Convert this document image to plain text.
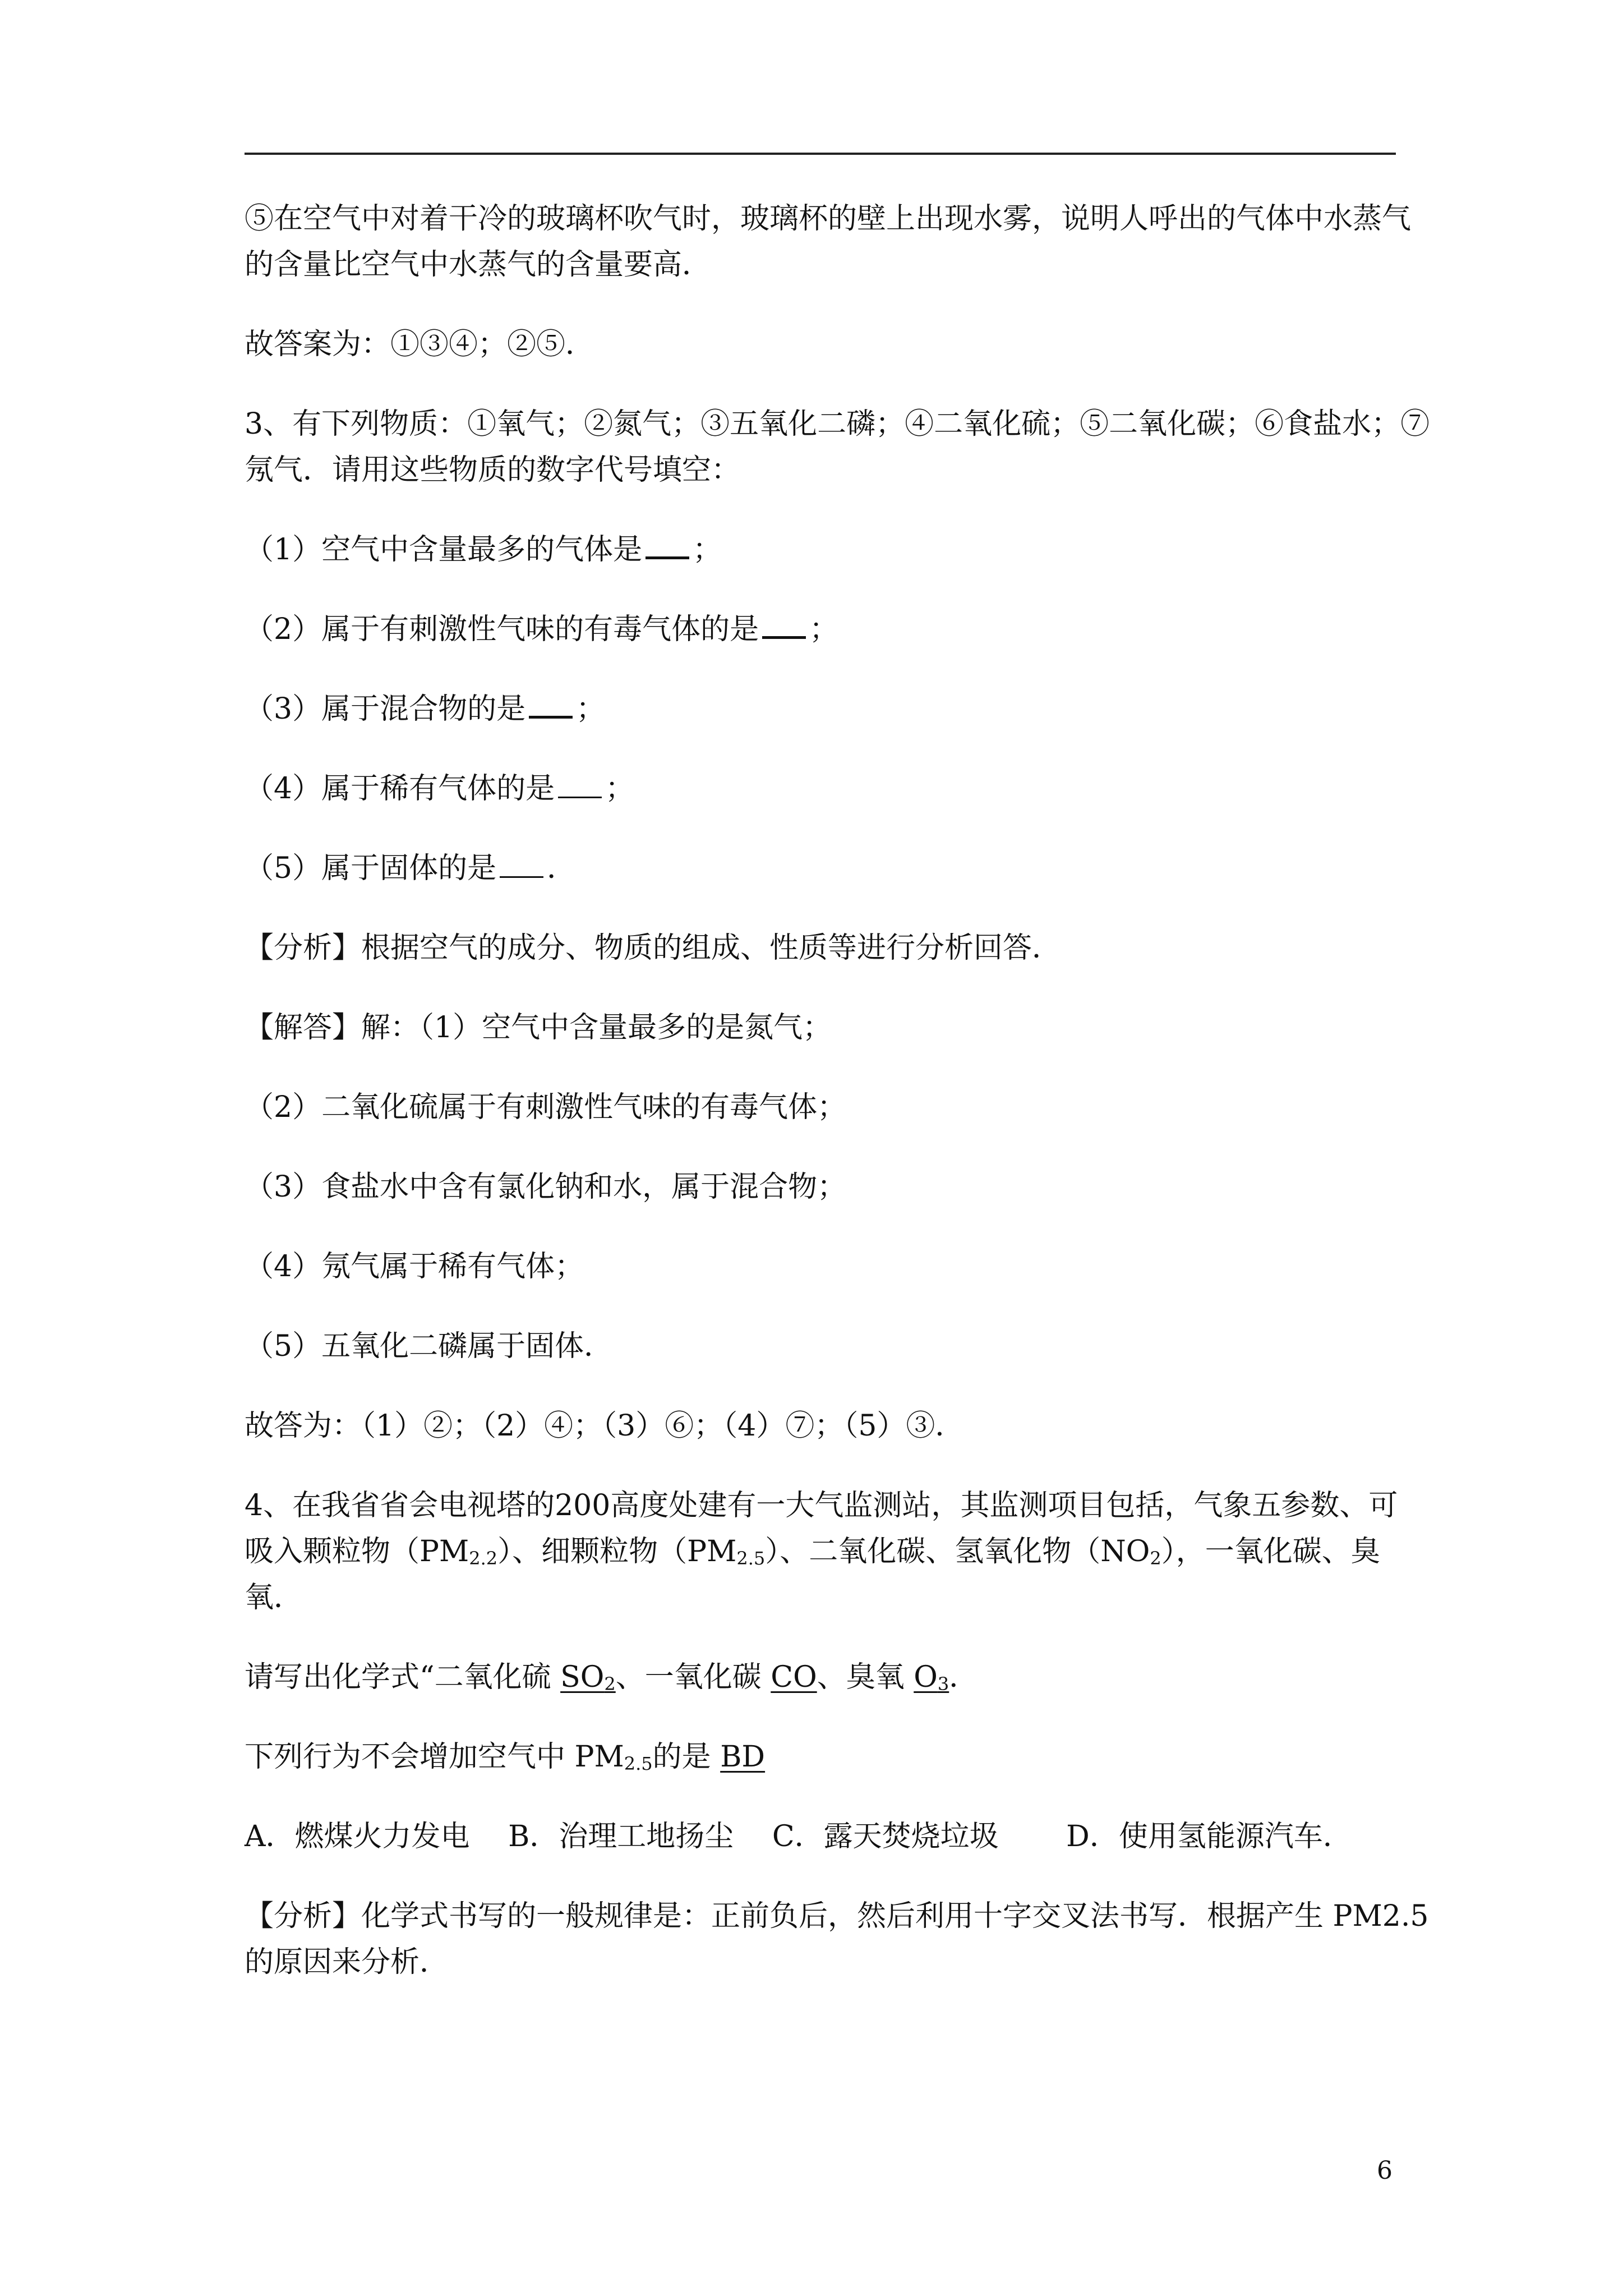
⑤在空气中对着干冷的玻璃杯吹气时，玻璃杯的壁上出现水雾，说明人呼出的气体中水蒸气
的含量比空气中水蒸气的含量要高．
故答案为：①③④；②⑤．
3、有下列物质：①氧气；②氮气；③五氧化二磷；④二氧化硫；⑤二氧化碳；⑥食盐水；⑦
氖气．请用这些物质的数字代号填空：
（1）空气中含量最多的气体是 ；
（2）属于有刺激性气味的有毒气体的是 ；
（3）属于混合物的是 ；
（4）属于稀有气体的是 ；
（5）属于固体的是 ．
【分析】根据空气的成分、物质的组成、性质等进行分析回答．
【解答】解：（1）空气中含量最多的是氮气；
（2）二氧化硫属于有刺激性气味的有毒气体；
（3）食盐水中含有氯化钠和水，属于混合物；
（4）氖气属于稀有气体；
（5）五氧化二磷属于固体．
故答为：（1）②；（2）④；（3）⑥；（4）⑦；（5）③．
4、在我省省会电视塔的200高度处建有一大气监测站，其监测项目包括，气象五参数、可
吸入颗粒物$(PM_{2.2})$、细颗粒物$(PM_{2.5})$、二氧化碳、氢氧化物$(NO_2)$，一氧化碳、臭
氧．
请写出化学式“二氧化硫 $SO_2$、一氧化碳 CO、臭氧 $O_3$．
下列行为不会增加空气中 $PM_{2.5}$的是 BD
A．燃煤火力发电　 B．治理工地扬尘　 C．露天焚烧垃圾　　 D．使用氢能源汽车．
【分析】化学式书写的一般规律是：正前负后，然后利用十字交叉法书写．根据产生 PM2.5
的原因来分析．
6
